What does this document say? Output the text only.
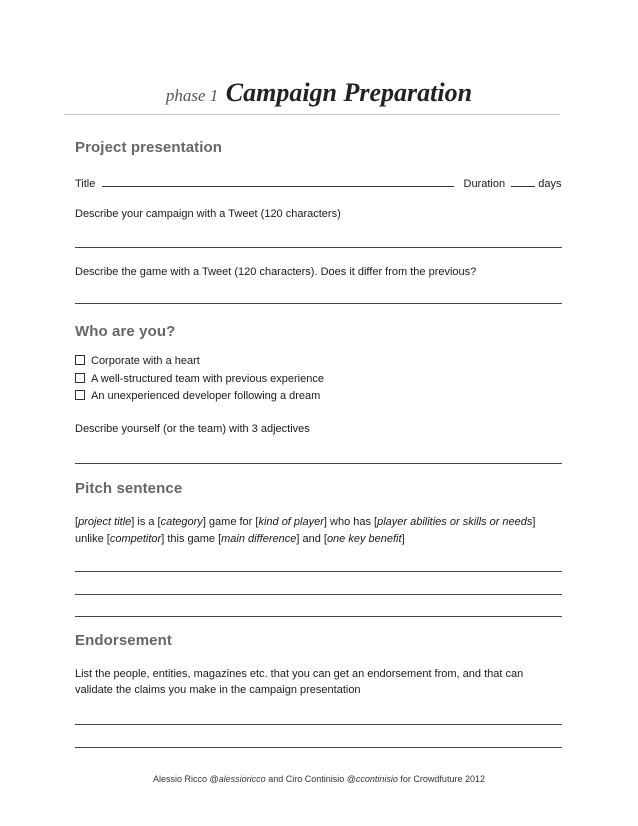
phase 1 Campaign Preparation
Project presentation
Title	Duration	days
Describe your campaign with a Tweet (120 characters)
Describe the game with a Tweet (120 characters). Does it differ from the previous?
Who are you?
Corporate with a heart
A well-structured team with previous experience
An unexperienced developer following a dream
Describe yourself (or the team) with 3 adjectives
Pitch sentence
[project title] is a [category] game for [kind of player] who has [player abilities or skills or needs]
unlike [competitor] this game [main difference] and [one key benefit]
Endorsement
List the people, entities, magazines etc. that you can get an endorsement from, and that can
validate the claims you make in the campaign presentation
Alessio Ricco @alessioricco and Ciro Continisio @ccontinisio for Crowdfuture 2012
